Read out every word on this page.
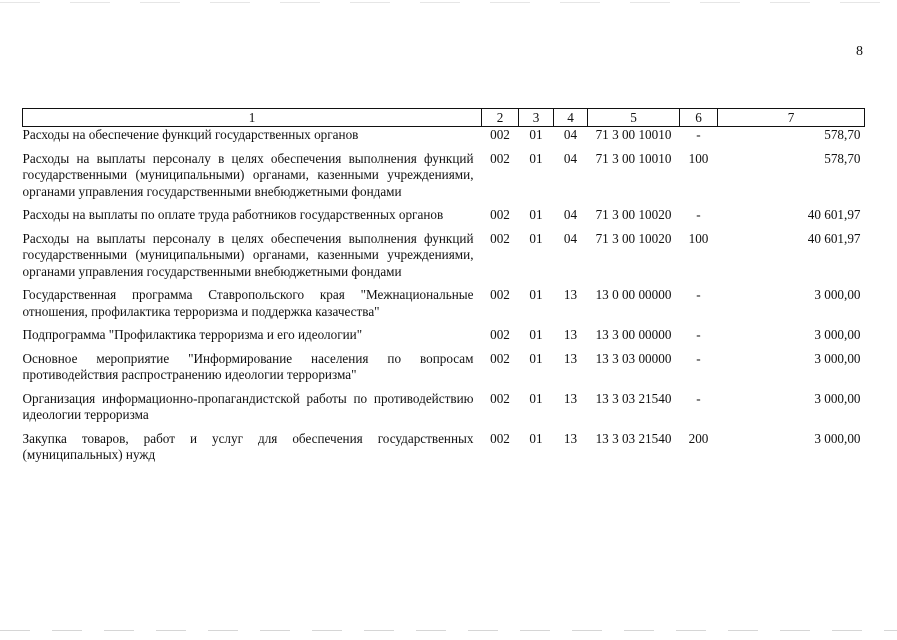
8
1	2	3	4	5	6	7
Расходы на обеспечение функций государственных органов	002	01	04	71 3 00 10010	-	578,70
Расходы на выплаты персоналу в целях обеспечения выполнения функций государственными (муниципальными) органами, казенными учреждениями, органами управления государственными внебюджетными фондами	002	01	04	71 3 00 10010	100	578,70
Расходы на выплаты по оплате труда работников государственных органов	002	01	04	71 3 00 10020	-	40 601,97
Расходы на выплаты персоналу в целях обеспечения выполнения функций государственными (муниципальными) органами, казенными учреждениями, органами управления государственными внебюджетными фондами	002	01	04	71 3 00 10020	100	40 601,97
Государственная программа Ставропольского края "Межнациональные отношения, профилактика терроризма и поддержка казачества"	002	01	13	13 0 00 00000	-	3 000,00
Подпрограмма "Профилактика терроризма и его идеологии"	002	01	13	13 3 00 00000	-	3 000,00
Основное мероприятие "Информирование населения по вопросам противодействия распространению идеологии терроризма"	002	01	13	13 3 03 00000	-	3 000,00
Организация информационно-пропагандистской работы по противодействию идеологии терроризма	002	01	13	13 3 03 21540	-	3 000,00
Закупка товаров, работ и услуг для обеспечения государственных (муниципальных) нужд	002	01	13	13 3 03 21540	200	3 000,00
